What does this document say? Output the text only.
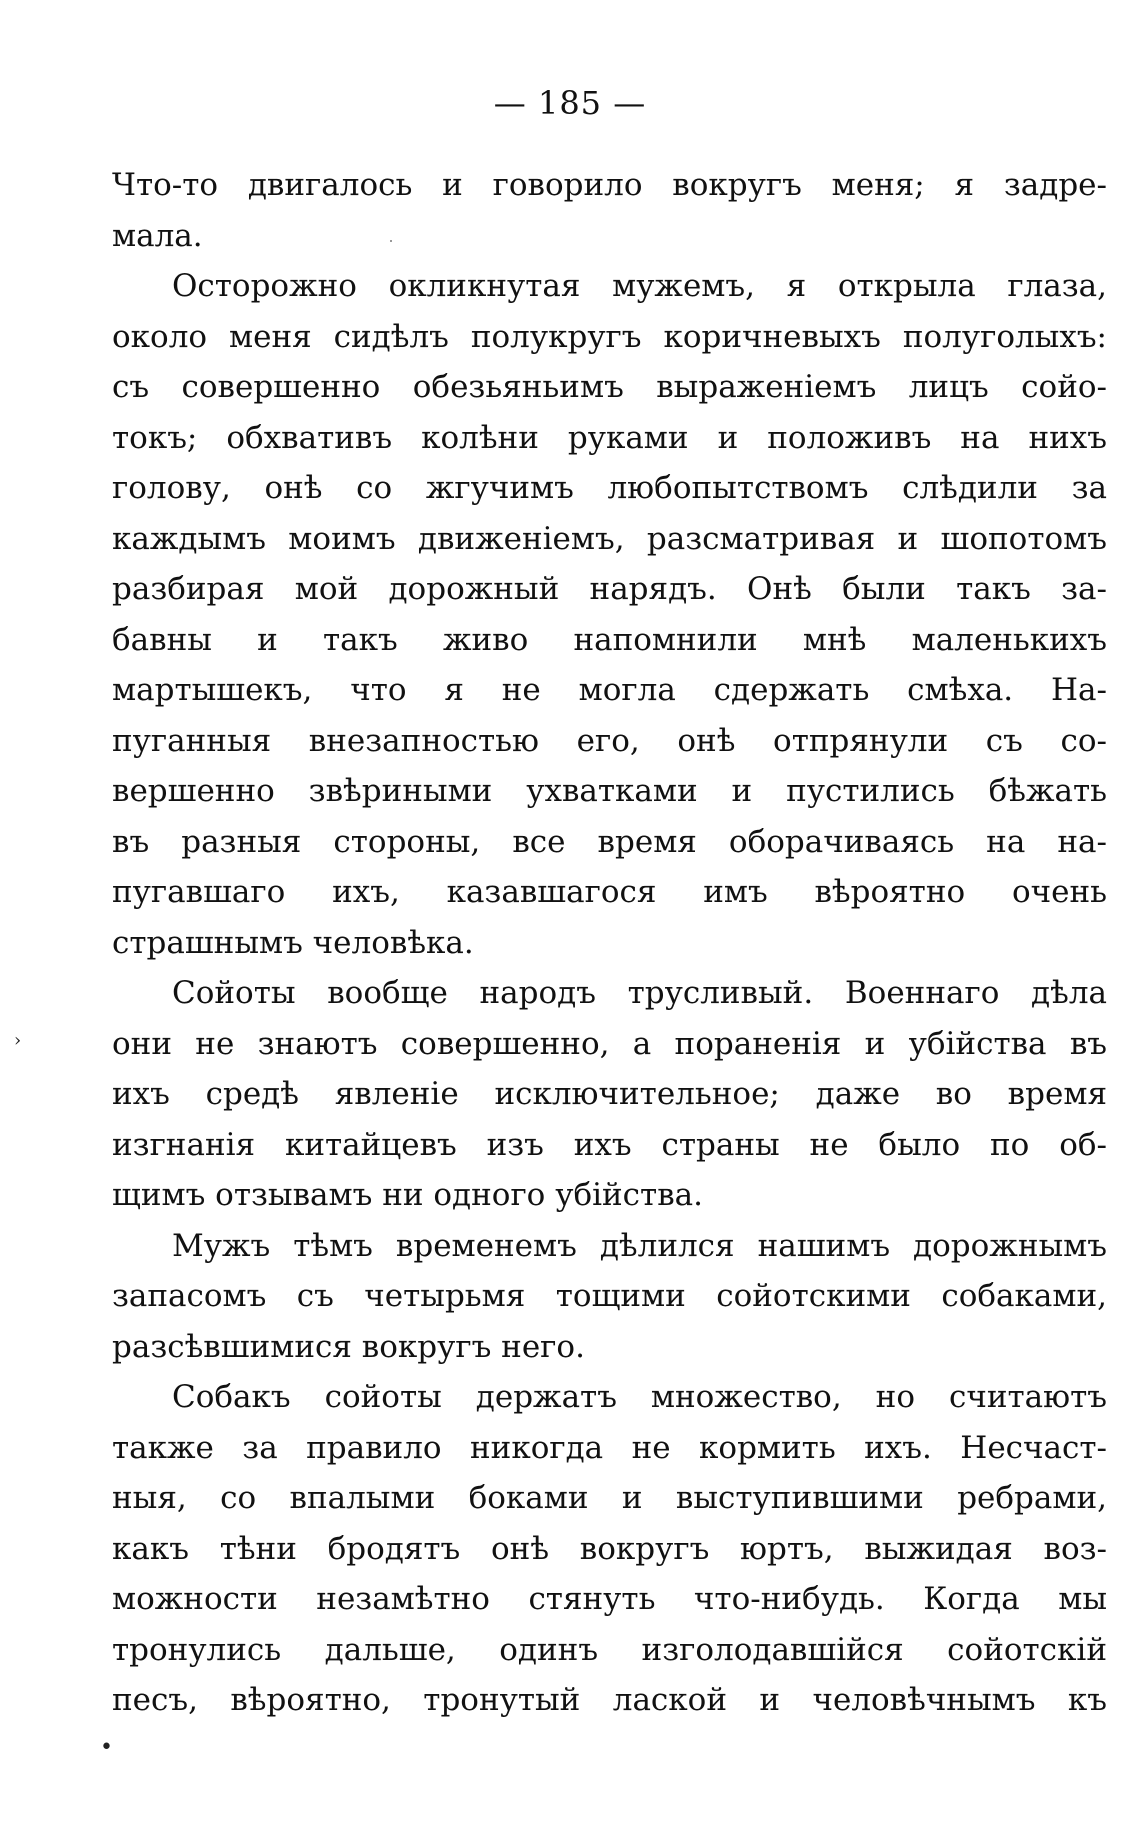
— 185 —
Что-то двигалось и говорило вокругъ меня; я задре-
мала.
Осторожно окликнутая мужемъ, я открыла глаза,
около меня сидѣлъ полукругъ коричневыхъ полуголыхъ:
съ совершенно обезьяньимъ выраженіемъ лицъ сойо-
токъ; обхвативъ колѣни руками и положивъ на нихъ
голову, онѣ со жгучимъ любопытствомъ слѣдили за
каждымъ моимъ движеніемъ, разсматривая и шопотомъ
разбирая мой дорожный нарядъ. Онѣ были такъ за-
бавны и такъ живо напомнили мнѣ маленькихъ
мартышекъ, что я не могла сдержать смѣха. На-
пуганныя внезапностью его, онѣ отпрянули съ со-
вершенно звѣриными ухватками и пустились бѣжать
въ разныя стороны, все время оборачиваясь на на-
пугавшаго ихъ, казавшагося имъ вѣроятно очень
страшнымъ человѣка.
Сойоты вообще народъ трусливый. Военнаго дѣла
они не знаютъ совершенно, а пораненія и убійства въ
ихъ средѣ явленіе исключительное; даже во время
изгнанія китайцевъ изъ ихъ страны не было по об-
щимъ отзывамъ ни одного убійства.
Мужъ тѣмъ временемъ дѣлился нашимъ дорожнымъ
запасомъ съ четырьмя тощими сойотскими собаками,
разсѣвшимися вокругъ него.
Собакъ сойоты держатъ множество, но считаютъ
также за правило никогда не кормить ихъ. Несчаст-
ныя, со впалыми боками и выступившими ребрами,
какъ тѣни бродятъ онѣ вокругъ юртъ, выжидая воз-
можности незамѣтно стянуть что-нибудь. Когда мы
тронулись дальше, одинъ изголодавшійся сойотскій
песъ, вѣроятно, тронутый лаской и человѣчнымъ къ
›
•
